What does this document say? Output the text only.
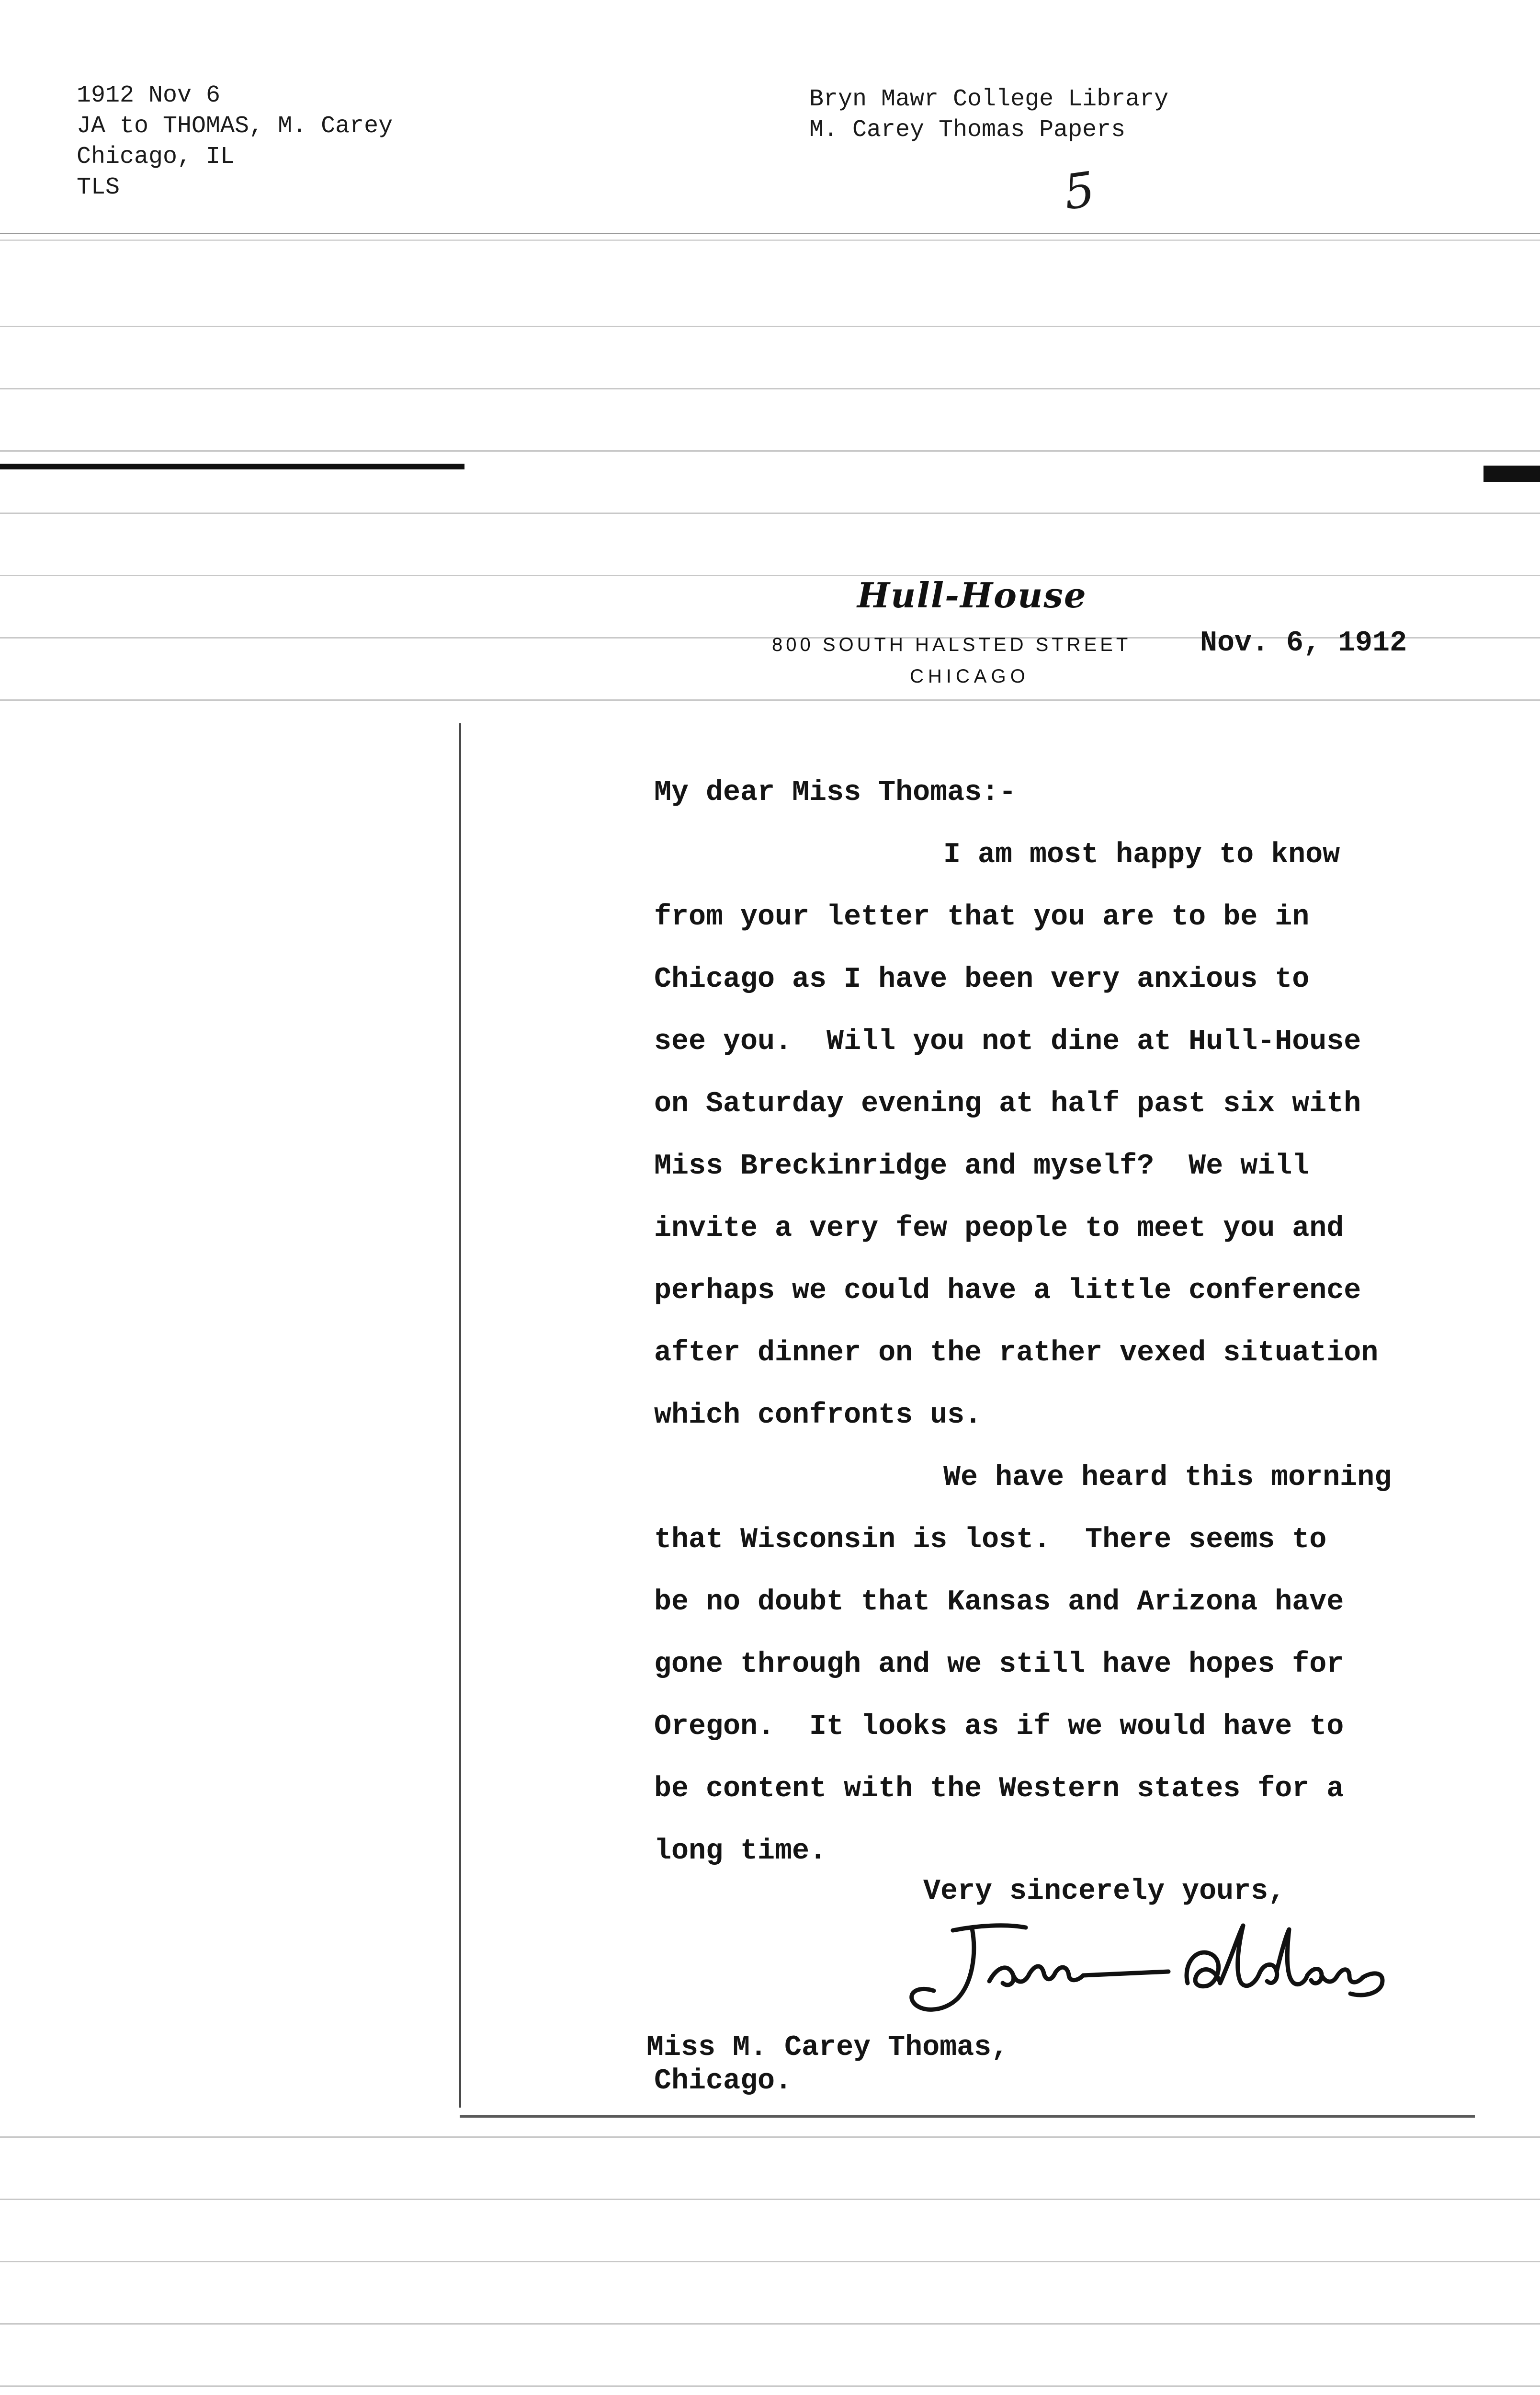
1912 Nov 6
JA to THOMAS, M. Carey
Chicago, IL
TLS
Bryn Mawr College Library
M. Carey Thomas Papers
5
Hull-House
800 SOUTH HALSTED STREET
CHICAGO
Nov. 6, 1912
My dear Miss Thomas:-
I am most happy to know
from your letter that you are to be in
Chicago as I have been very anxious to
see you.  Will you not dine at Hull-House
on Saturday evening at half past six with
Miss Breckinridge and myself?  We will
invite a very few people to meet you and
perhaps we could have a little conference
after dinner on the rather vexed situation
which confronts us.
We have heard this morning
that Wisconsin is lost.  There seems to
be no doubt that Kansas and Arizona have
gone through and we still have hopes for
Oregon.  It looks as if we would have to
be content with the Western states for a
long time.
Very sincerely yours,
Miss M. Carey Thomas,
Chicago.
